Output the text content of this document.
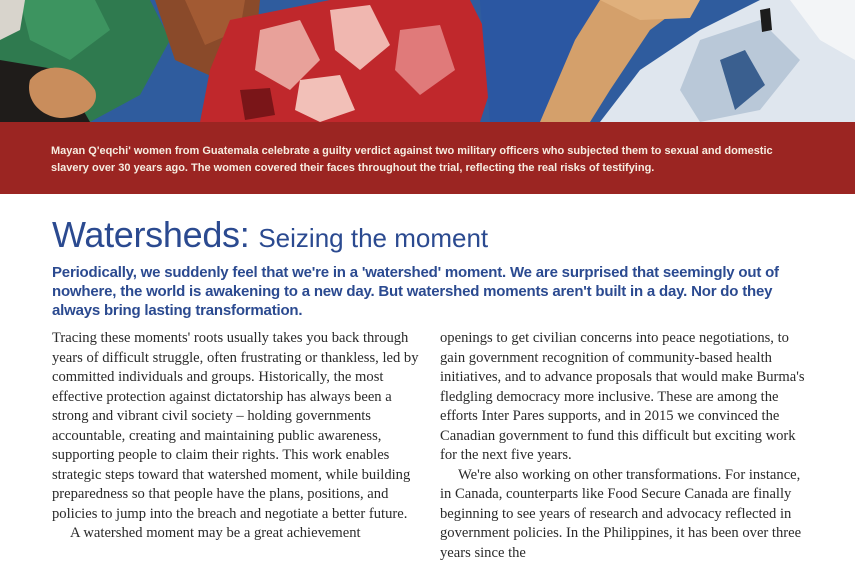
Mayan Q'eqchi' women from Guatemala celebrate a guilty verdict against two military officers who subjected them to sexual and domestic slavery over 30 years ago. The women covered their faces throughout the trial, reflecting the real risks of testifying.

Watersheds: Seizing the moment

Periodically, we suddenly feel that we're in a 'watershed' moment. We are surprised that seemingly out of nowhere, the world is awakening to a new day. But watershed moments aren't built in a day. Nor do they always bring lasting transformation.

Tracing these moments' roots usually takes you back through years of difficult struggle, often frustrating or thankless, led by committed individuals and groups. Historically, the most effective protection against dictatorship has always been a strong and vibrant civil society – holding governments accountable, creating and maintaining public awareness, supporting people to claim their rights. This work enables strategic steps toward that watershed moment, while building preparedness so that people have the plans, positions, and policies to jump into the breach and negotiate a better future.

A watershed moment may be a great achievement

openings to get civilian concerns into peace negotiations, to gain government recognition of community-based health initiatives, and to advance proposals that would make Burma's fledgling democracy more inclusive. These are among the efforts Inter Pares supports, and in 2015 we convinced the Canadian government to fund this difficult but exciting work for the next five years.

We're also working on other transformations. For instance, in Canada, counterparts like Food Secure Canada are finally beginning to see years of research and advocacy reflected in government policies. In the Philippines, it has been over three years since the
